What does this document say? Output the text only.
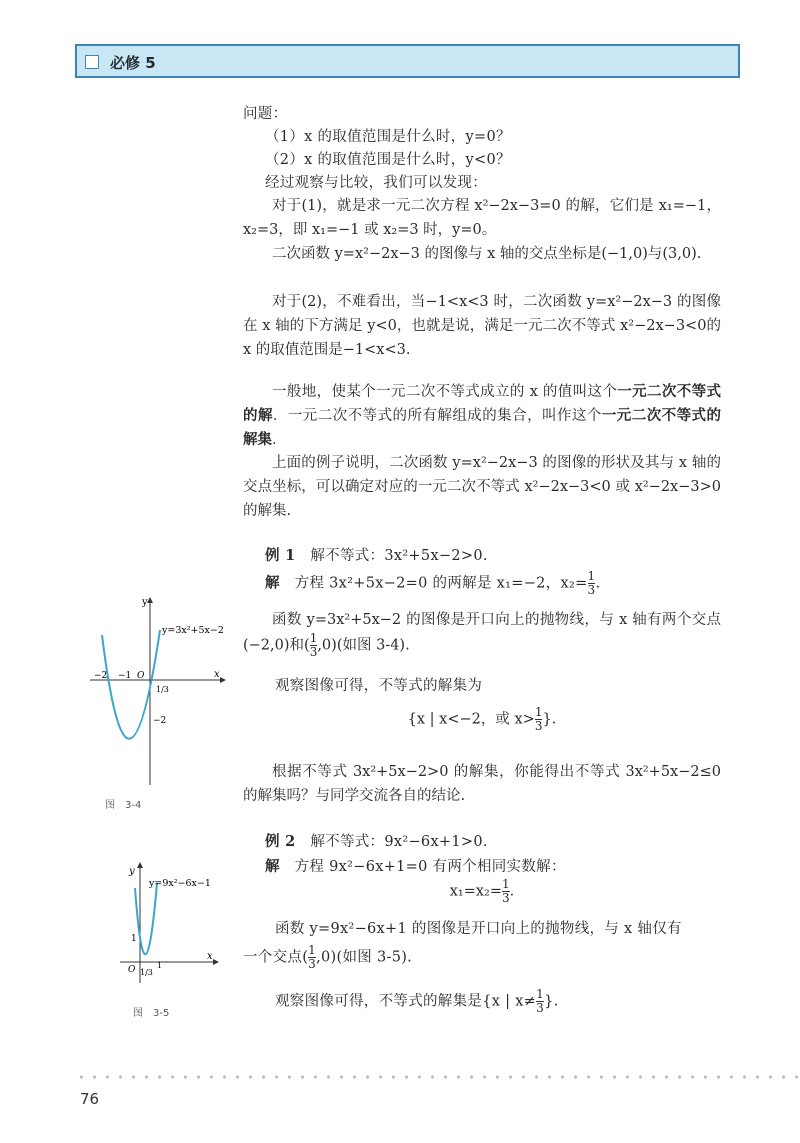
必修 5
问题：
（1）x 的取值范围是什么时，y=0？
（2）x 的取值范围是什么时，y<0？
经过观察与比较，我们可以发现：
对于(1)，就是求一元二次方程 x²−2x−3=0 的解，它们是 x₁=−1，x₂=3，即 x₁=−1 或 x₂=3 时，y=0。
二次函数 y=x²−2x−3 的图像与 x 轴的交点坐标是(−1,0)与(3,0).
对于(2)，不难看出，当−1<x<3 时，二次函数 y=x²−2x−3 的图像在 x 轴的下方满足 y<0，也就是说，满足一元二次不等式 x²−2x−3<0的 x 的取值范围是−1<x<3.
一般地，使某个一元二次不等式成立的 x 的值叫这个一元二次不等式的解．一元二次不等式的所有解组成的集合，叫作这个一元二次不等式的解集．
上面的例子说明，二次函数 y=x²−2x−3 的图像的形状及其与 x 轴的交点坐标，可以确定对应的一元二次不等式 x²−2x−3<0 或 x²−2x−3>0 的解集.
例 1　 解不等式：3x²+5x−2>0.
解　 方程 3x²+5x−2=0 的两解是 x₁=−2，$x_2= \frac{1}{3}$ .
函数 y=3x²+5x−2 的图像是开口向上的抛物线，与 x 轴有两个交点(−2,0)和( $\frac{1}{3} ,0$)(如图 3-4).
观察图像可得，不等式的解集为
{x | x<−2，或 $x> \frac{1}{3}$ }.
根据不等式 3x²+5x−2>0 的解集，你能得出不等式 3x²+5x−2≤0 的解集吗？与同学交流各自的结论.
例 2　 解不等式：9x²−6x+1>0.
解　 方程 9x²−6x+1=0 有两个相同实数解：
$x_1=x_2= \frac{1}{3}$ .
函数 y=9x²−6x+1 的图像是开口向上的抛物线，与 x 轴仅有
一个交点( $\frac{1}{3} ,0$)(如图 3-5).
观察图像可得，不等式的解集是{x | $x\ne \frac{1}{3}$ }.
y
x
y=3x²+5x−2
−2 −1 O
1/3
−2
图　3-4
y
x
y=9x²−6x−1
O
1
1/3
1
图　3-5
76
